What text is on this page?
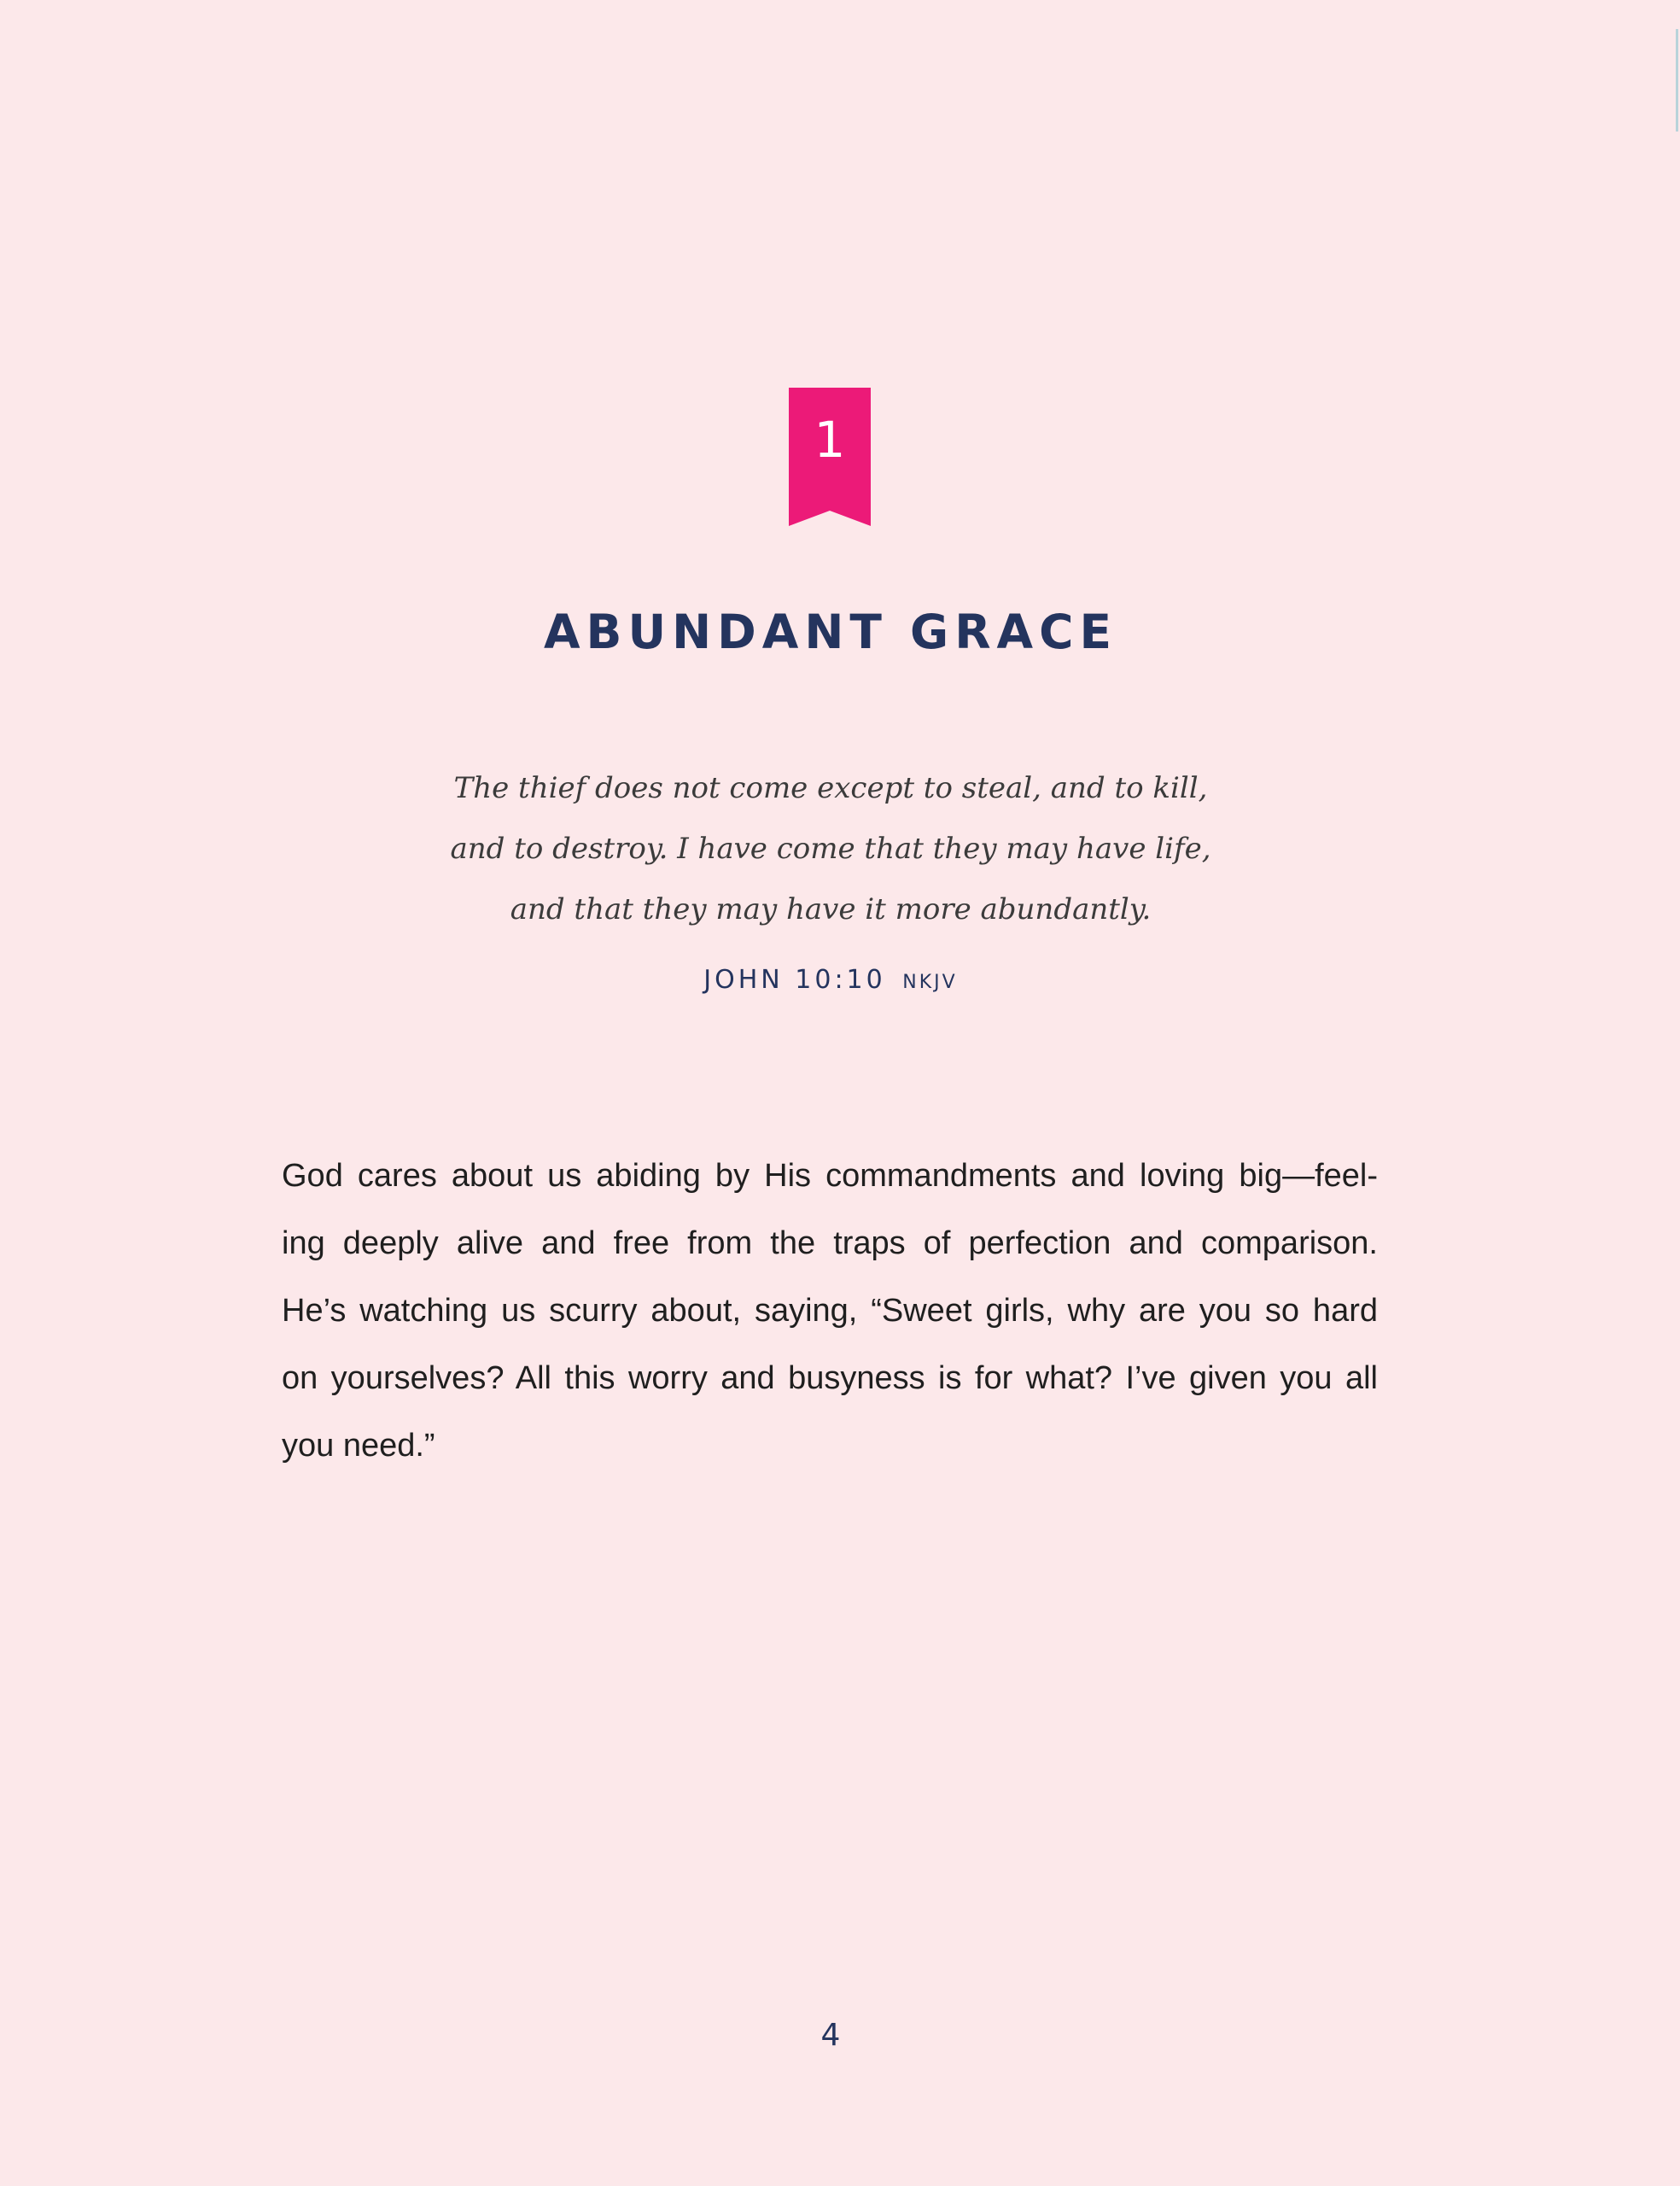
1
ABUNDANT GRACE

The thief does not come except to steal, and to kill,
and to destroy. I have come that they may have life,
and that they may have it more abundantly.

JOHN 10:10 NKJV

God cares about us abiding by His commandments and loving big—feel-
ing deeply alive and free from the traps of perfection and comparison.
He’s watching us scurry about, saying, “Sweet girls, why are you so hard
on yourselves? All this worry and busyness is for what? I’ve given you all
you need.”

4
